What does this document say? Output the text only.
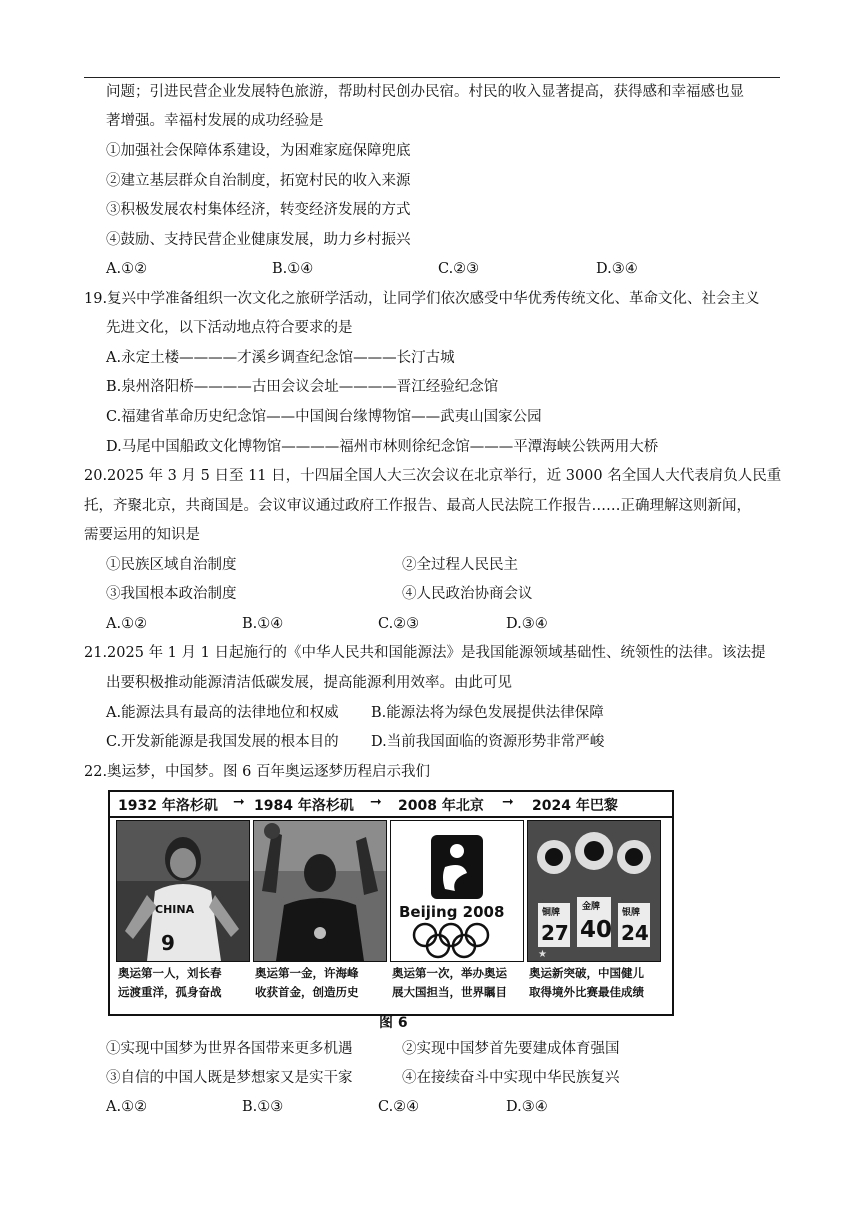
问题；引进民营企业发展特色旅游，帮助村民创办民宿。村民的收入显著提高，获得感和幸福感也显
著增强。幸福村发展的成功经验是
①加强社会保障体系建设，为困难家庭保障兜底
②建立基层群众自治制度，拓宽村民的收入来源
③积极发展农村集体经济，转变经济发展的方式
④鼓励、支持民营企业健康发展，助力乡村振兴
A.①②	B.①④	C.②③	D.③④
19.复兴中学准备组织一次文化之旅研学活动，让同学们依次感受中华优秀传统文化、革命文化、社会主义
先进文化，以下活动地点符合要求的是
A.永定土楼————才溪乡调查纪念馆———长汀古城
B.泉州洛阳桥————古田会议会址————晋江经验纪念馆
C.福建省革命历史纪念馆——中国闽台缘博物馆——武夷山国家公园
D.马尾中国船政文化博物馆————福州市林则徐纪念馆———平潭海峡公铁两用大桥
20.2025 年 3 月 5 日至 11 日，十四届全国人大三次会议在北京举行，近 3000 名全国人大代表肩负人民重
托，齐聚北京，共商国是。会议审议通过政府工作报告、最高人民法院工作报告……正确理解这则新闻，
需要运用的知识是
①民族区域自治制度	②全过程人民民主
③我国根本政治制度	④人民政治协商会议
A.①②	B.①④	C.②③	D.③④
21.2025 年 1 月 1 日起施行的《中华人民共和国能源法》是我国能源领域基础性、统领性的法律。该法提
出要积极推动能源清洁低碳发展，提高能源利用效率。由此可见
A.能源法具有最高的法律地位和权威 B.能源法将为绿色发展提供法律保障
C.开发新能源是我国发展的根本目的 D.当前我国面临的资源形势非常严峻
22.奥运梦，中国梦。图 6 百年奥运逐梦历程启示我们
1932 年洛杉矶 ➞ 1984 年洛杉矶 ➞ 2008 年北京 ➞ 2024 年巴黎
CHINA
9
Beijing 2008
★
铜牌
27
金牌
40
银牌
24
奥运第一人，刘长春
远渡重洋，孤身奋战
奥运第一金，许海峰
收获首金，创造历史
奥运第一次，举办奥运
展大国担当，世界瞩目
奥运新突破，中国健儿
取得境外比赛最佳成绩
图 6
①实现中国梦为世界各国带来更多机遇	②实现中国梦首先要建成体育强国
③自信的中国人既是梦想家又是实干家	④在接续奋斗中实现中华民族复兴
A.①②	B.①③	C.②④	D.③④
